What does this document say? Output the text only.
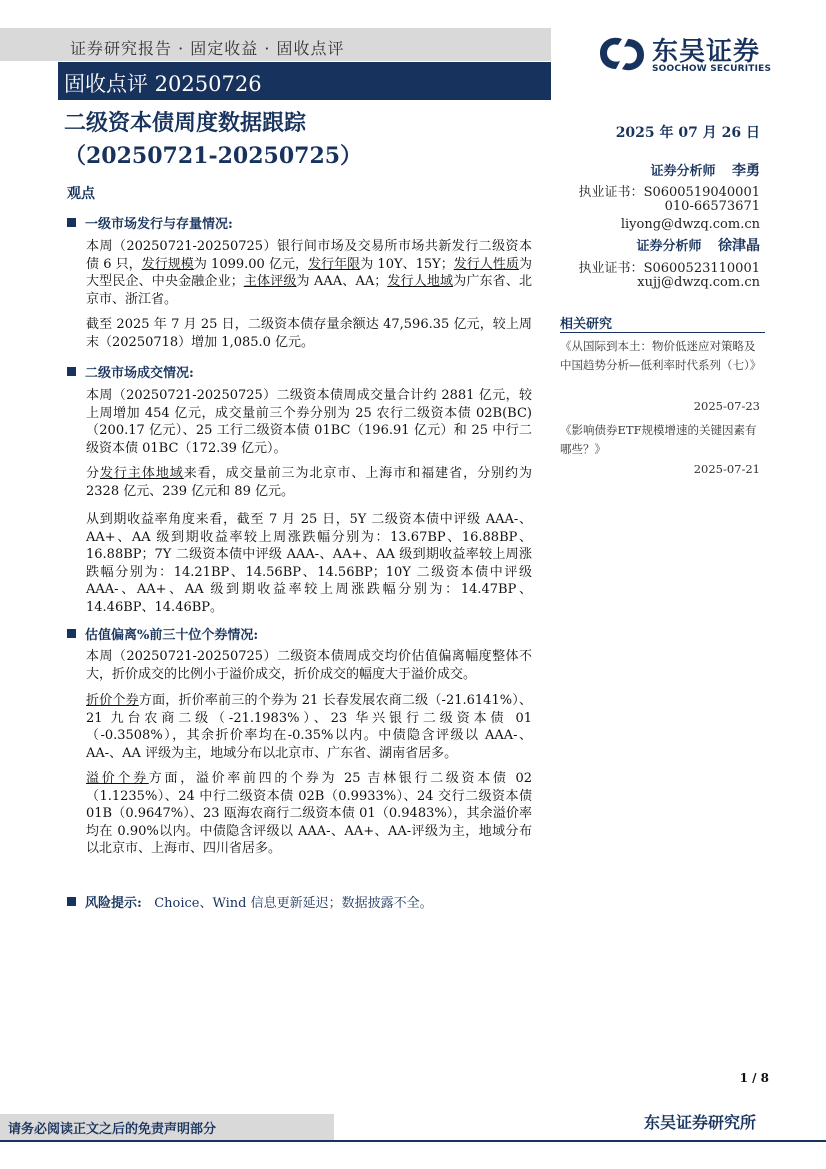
证券研究报告 · 固定收益 · 固收点评
固收点评 20250726
二级资本债周度数据跟踪
（20250721-20250725）
东吴证券
SOOCHOW SECURITIES
2025 年 07 月 26 日
证券分析师 李勇
执业证书：S0600519040001
010-66573671
liyong@dwzq.com.cn
证券分析师 徐津晶
执业证书：S0600523110001
xujj@dwzq.com.cn
相关研究
《从国际到本土：物价低迷应对策略及中国趋势分析—低利率时代系列（七）》
2025-07-23
《影响债券ETF规模增速的关键因素有哪些？》
2025-07-21
观点
一级市场发行与存量情况:
本周（20250721-20250725）银行间市场及交易所市场共新发行二级资本债 6 只，发行规模为 1099.00 亿元，发行年限为 10Y、15Y；发行人性质为大型民企、中央金融企业；主体评级为 AAA、AA；发行人地域为广东省、北京市、浙江省。
截至 2025 年 7 月 25 日，二级资本债存量余额达 47,596.35 亿元，较上周末（20250718）增加 1,085.0 亿元。
二级市场成交情况:
本周（20250721-20250725）二级资本债周成交量合计约 2881 亿元，较上周增加 454 亿元，成交量前三个券分别为 25 农行二级资本债 02B(BC)（200.17 亿元）、25 工行二级资本债 01BC（196.91 亿元）和 25 中行二级资本债 01BC（172.39 亿元）。
分发行主体地域来看，成交量前三为北京市、上海市和福建省，分别约为 2328 亿元、239 亿元和 89 亿元。
从到期收益率角度来看，截至 7 月 25 日，5Y 二级资本债中评级 AAA-、AA+、AA 级到期收益率较上周涨跌幅分别为：13.67BP、16.88BP、16.88BP；7Y 二级资本债中评级 AAA-、AA+、AA 级到期收益率较上周涨跌幅分别为：14.21BP、14.56BP、14.56BP；10Y 二级资本债中评级 AAA-、AA+、AA 级到期收益率较上周涨跌幅分别为：14.47BP、14.46BP、14.46BP。
估值偏离%前三十位个券情况:
本周（20250721-20250725）二级资本债周成交均价估值偏离幅度整体不大，折价成交的比例小于溢价成交，折价成交的幅度大于溢价成交。
折价个券方面，折价率前三的个券为 21 长春发展农商二级（-21.6141%）、21 九台农商二级（-21.1983%）、23 华兴银行二级资本债 01（-0.3508%），其余折价率均在-0.35%以内。中债隐含评级以 AAA-、AA-、AA 评级为主，地域分布以北京市、广东省、湖南省居多。
溢价个券方面，溢价率前四的个券为 25 吉林银行二级资本债 02（1.1235%）、24 中行二级资本债 02B（0.9933%）、24 交行二级资本债 01B（0.9647%）、23 瓯海农商行二级资本债 01（0.9483%），其余溢价率均在 0.90%以内。中债隐含评级以 AAA-、AA+、AA-评级为主，地域分布以北京市、上海市、四川省居多。
风险提示: Choice、Wind 信息更新延迟；数据披露不全。
1 / 8
请务必阅读正文之后的免责声明部分	东吴证券研究所
